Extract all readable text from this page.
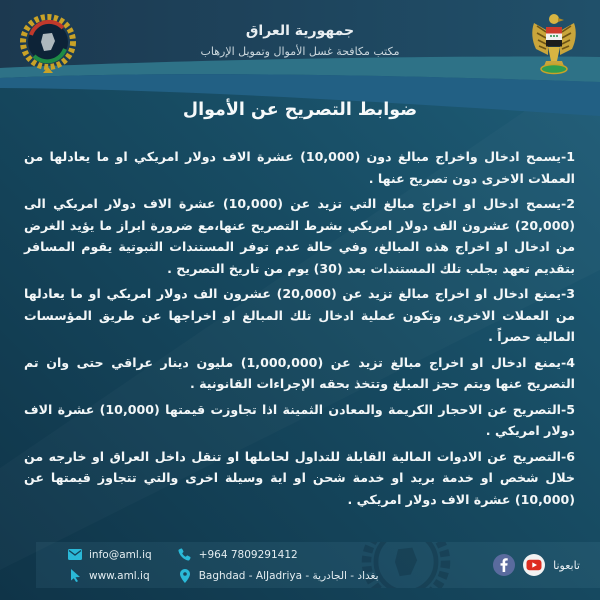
جمهورية العراق
مكتب مكافحة غسل الأموال وتمويل الإرهاب
ضوابط التصريح عن الأموال

1-يسمح ادخال واخراج مبالغ دون (10,000) عشرة الاف دولار امريكي او ما يعادلها من العملات الاخرى دون تصريح عنها .

2-يسمح ادخال او اخراج مبالغ التي تزيد عن (10,000) عشرة الاف دولار امريكي الى (20,000) عشرون الف دولار امريكي بشرط التصريح عنها،مع ضرورة ابراز ما يؤيد الغرض من ادخال او اخراج هذه المبالغ، وفي حالة عدم توفر المستندات الثبوتية يقوم المسافر بتقديم تعهد بجلب تلك المستندات بعد (30) يوم من تاريخ التصريح .

3-يمنع ادخال او اخراج مبالغ تزيد عن (20,000) عشرون الف دولار امريكي او ما يعادلها من العملات الاخرى، وتكون عملية ادخال تلك المبالغ او اخراجها عن طريق المؤسسات المالية حصراً .

4-يمنع ادخال او اخراج مبالغ تزيد عن (1,000,000) مليون دينار عراقي حتى وان تم التصريح عنها ويتم حجز المبلغ وتتخذ بحقه الإجراءات القانونية .

5-التصريح عن الاحجار الكريمة والمعادن الثمينة اذا تجاوزت قيمتها (10,000) عشرة الاف دولار امريكي .

6-التصريح عن الادوات المالية القابلة للتداول لحاملها او تنقل داخل العراق او خارجه من خلال شخص او خدمة بريد او خدمة شحن او اية وسيلة اخرى والتي تتجاوز قيمتها عن (10,000) عشرة الاف دولار امريكي .

info@aml.iq
www.aml.iq
+964 7809291412
Baghdad - AlJadriya - بغداد - الجادرية
تابعونا
